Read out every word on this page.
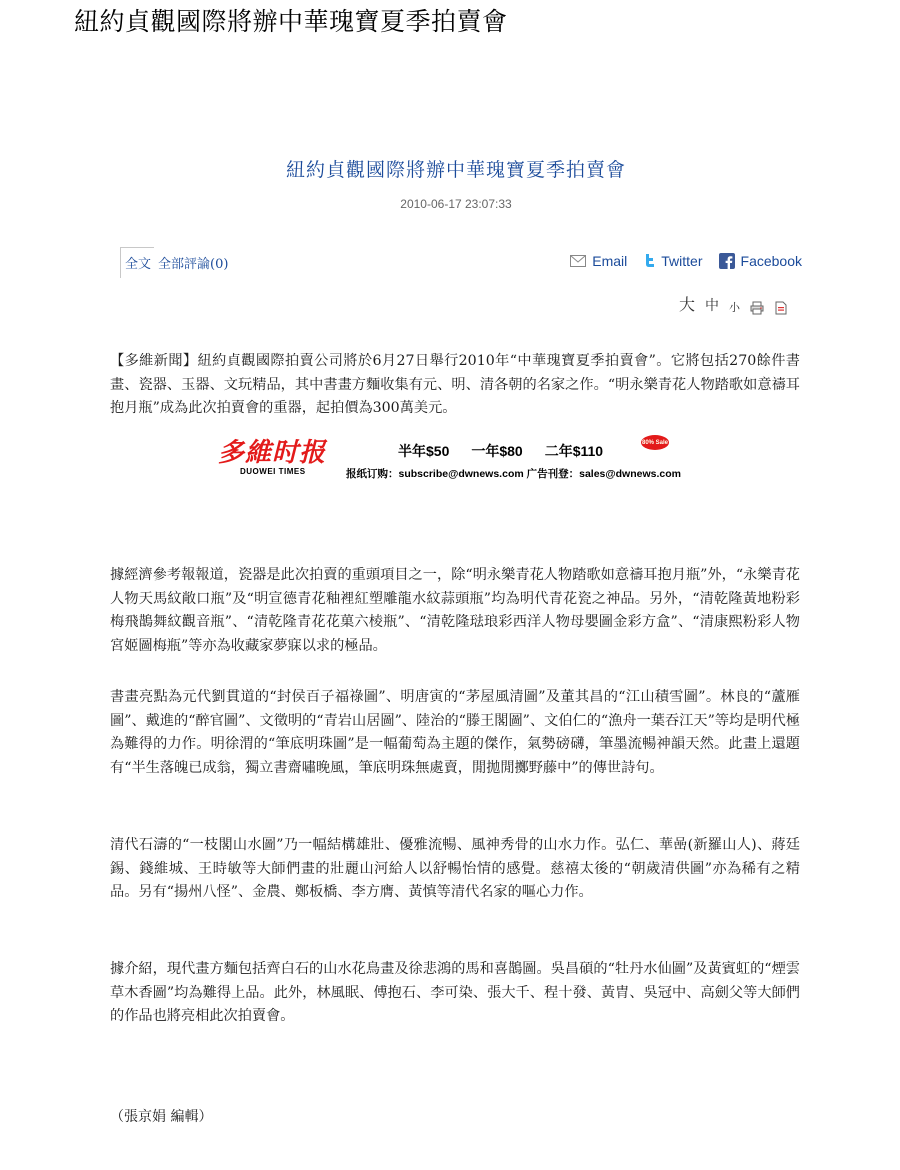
紐約貞觀國際將辦中華瑰寶夏季拍賣會
紐約貞觀國際將辦中華瑰寶夏季拍賣會
2010-06-17 23:07:33
全文 全部評論(0)	Email Twitter	Facebook
大 中 小
【多維新聞】紐約貞觀國際拍賣公司將於6月27日舉行2010年“中華瑰寶夏季拍賣會”。它將包括270餘件書畫、瓷器、玉器、文玩精品，其中書畫方麵收集有元、明、清各朝的名家之作。“明永樂青花人物踏歌如意禱耳抱月瓶”成為此次拍賣會的重器，起拍價為300萬美元。
多維时报
DUOWEI TIMES
半年$50 一年$80 二年$110
80% Sale
报纸订购：subscribe@dwnews.com 广告刊登：sales@dwnews.com
據經濟參考報報道，瓷器是此次拍賣的重頭項目之一，除“明永樂青花人物踏歌如意禱耳抱月瓶”外，“永樂青花人物天馬紋敞口瓶”及“明宣德青花釉裡紅塑雕龍水紋蒜頭瓶”均為明代青花瓷之神品。另外，“清乾隆黃地粉彩梅飛鵲舞紋觀音瓶”、“清乾隆青花花菓六棱瓶”、“清乾隆琺琅彩西洋人物母嬰圖金彩方盒”、“清康熙粉彩人物宮姬圖梅瓶”等亦為收藏家夢寐以求的極品。
書畫亮點為元代劉貫道的“封侯百子福祿圖”、明唐寅的“茅屋風清圖”及董其昌的“江山積雪圖”。林良的“蘆雁圖”、戴進的“醉官圖”、文徵明的“青岩山居圖”、陸治的“滕王閣圖”、文伯仁的“漁舟一葉吞江天”等均是明代極為難得的力作。明徐渭的“筆底明珠圖”是一幅葡萄為主題的傑作，氣勢磅礴，筆墨流暢神韻天然。此畫上還題有“半生落魄已成翁，獨立書齋嘯晚風，筆底明珠無處賣，閒拋閒擲野藤中”的傳世詩句。
清代石濤的“一枝閣山水圖”乃一幅結構雄壯、優雅流暢、風神秀骨的山水力作。弘仁、華喦(新羅山人)、蔣廷錫、錢維城、王時敏等大師們畫的壯麗山河給人以舒暢怡情的感覺。慈禧太後的“朝歲清供圖”亦為稀有之精品。另有“揚州八怪”、金農、鄭板橋、李方膺、黃慎等清代名家的嘔心力作。
據介紹，現代畫方麵包括齊白石的山水花鳥畫及徐悲鴻的馬和喜鵲圖。吳昌碩的“牡丹水仙圖”及黃賓虹的“煙雲草木香圖”均為難得上品。此外，林風眠、傅抱石、李可染、張大千、程十發、黃胄、吳冠中、高劍父等大師們的作品也將亮相此次拍賣會。
（張京娟 編輯）
